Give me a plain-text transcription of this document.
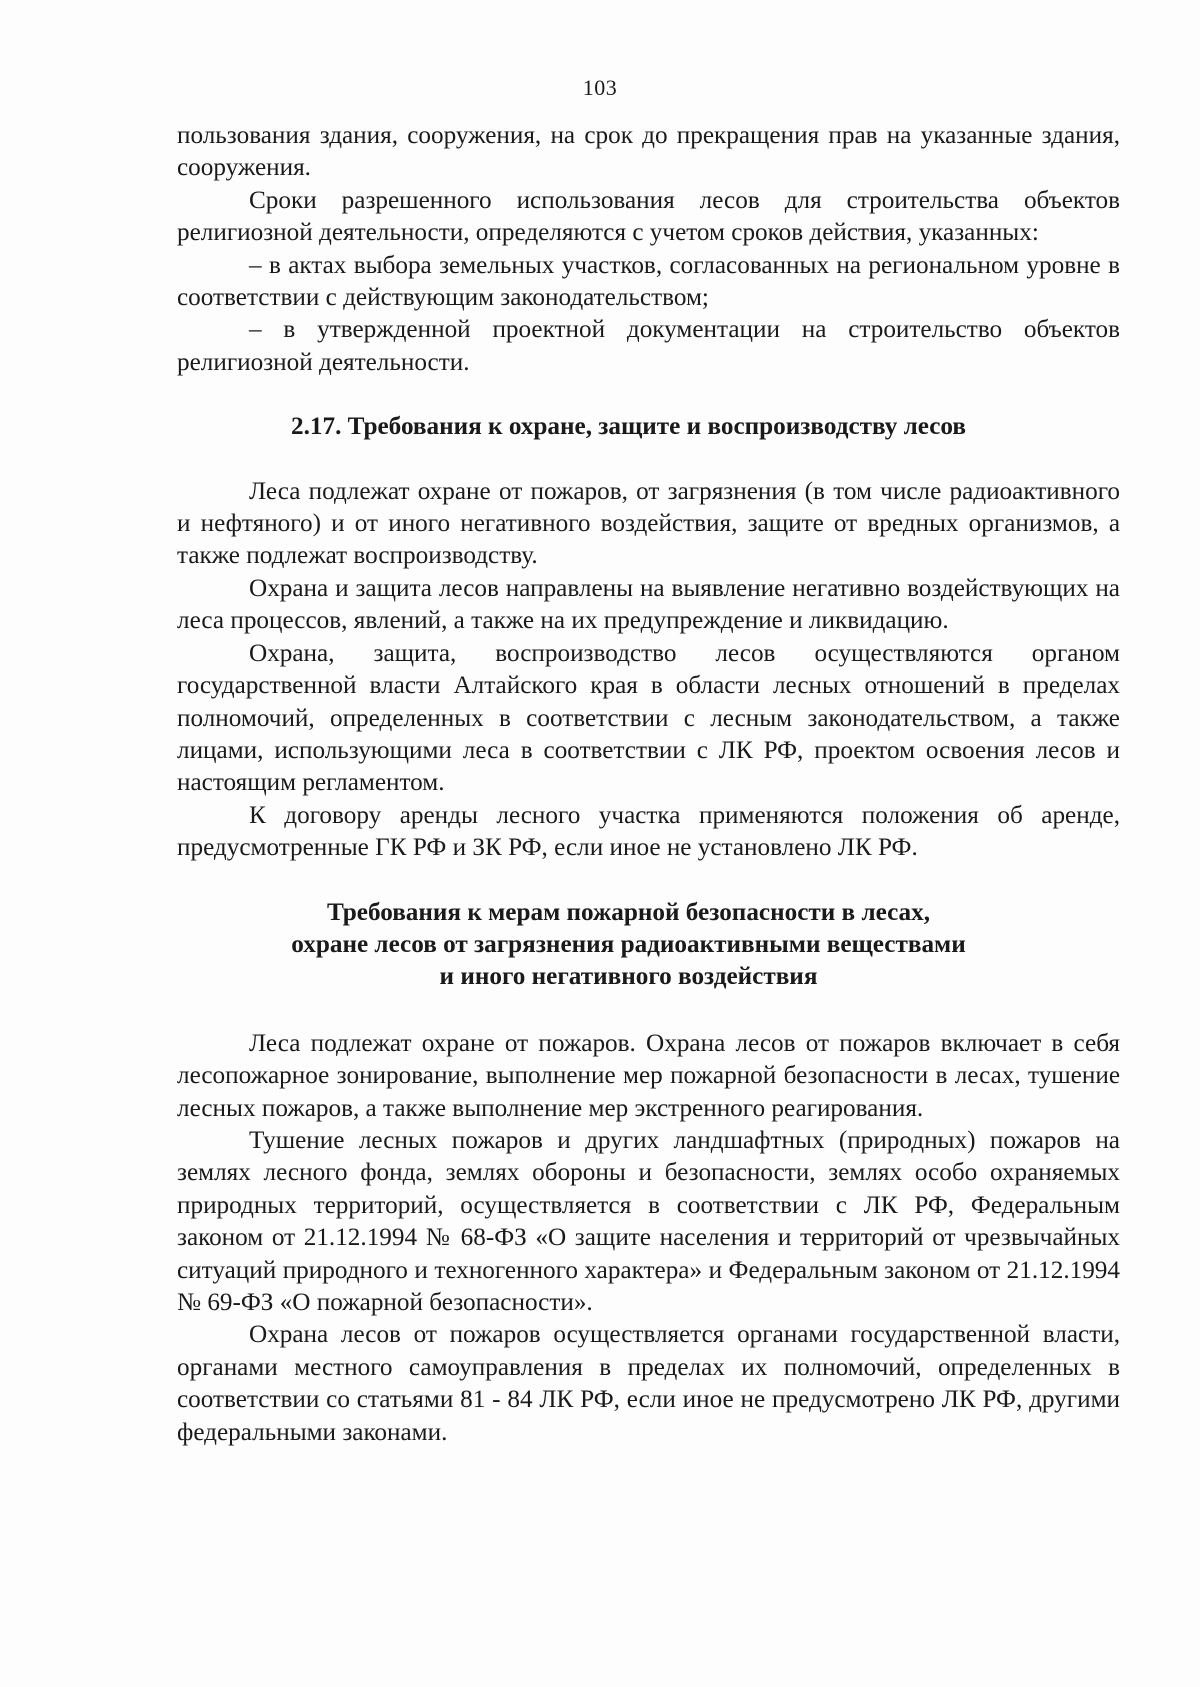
103

пользования здания, сооружения, на срок до прекращения прав на указанные здания, сооружения.

Сроки разрешенного использования лесов для строительства объектов религиозной деятельности, определяются с учетом сроков действия, указанных:

– в актах выбора земельных участков, согласованных на региональном уровне в соответствии с действующим законодательством;

– в утвержденной проектной документации на строительство объектов религиозной деятельности.

2.17. Требования к охране, защите и воспроизводству лесов

Леса подлежат охране от пожаров, от загрязнения (в том числе радиоактивного и нефтяного) и от иного негативного воздействия, защите от вредных организмов, а также подлежат воспроизводству.

Охрана и защита лесов направлены на выявление негативно воздействующих на леса процессов, явлений, а также на их предупреждение и ликвидацию.

Охрана, защита, воспроизводство лесов осуществляются органом государственной власти Алтайского края в области лесных отношений в пределах полномочий, определенных в соответствии с лесным законодательством, а также лицами, использующими леса в соответствии с ЛК РФ, проектом освоения лесов и настоящим регламентом.

К договору аренды лесного участка применяются положения об аренде, предусмотренные ГК РФ и ЗК РФ, если иное не установлено ЛК РФ.

Требования к мерам пожарной безопасности в лесах,
охране лесов от загрязнения радиоактивными веществами
и иного негативного воздействия

Леса подлежат охране от пожаров. Охрана лесов от пожаров включает в себя лесопожарное зонирование, выполнение мер пожарной безопасности в лесах, тушение лесных пожаров, а также выполнение мер экстренного реагирования.

Тушение лесных пожаров и других ландшафтных (природных) пожаров на землях лесного фонда, землях обороны и безопасности, землях особо охраняемых природных территорий, осуществляется в соответствии с ЛК РФ, Федеральным законом от 21.12.1994 № 68-ФЗ «О защите населения и территорий от чрезвычайных ситуаций природного и техногенного характера» и Федеральным законом от 21.12.1994 № 69-ФЗ «О пожарной безопасности».

Охрана лесов от пожаров осуществляется органами государственной власти, органами местного самоуправления в пределах их полномочий, определенных в соответствии со статьями 81 - 84 ЛК РФ, если иное не предусмотрено ЛК РФ, другими федеральными законами.
